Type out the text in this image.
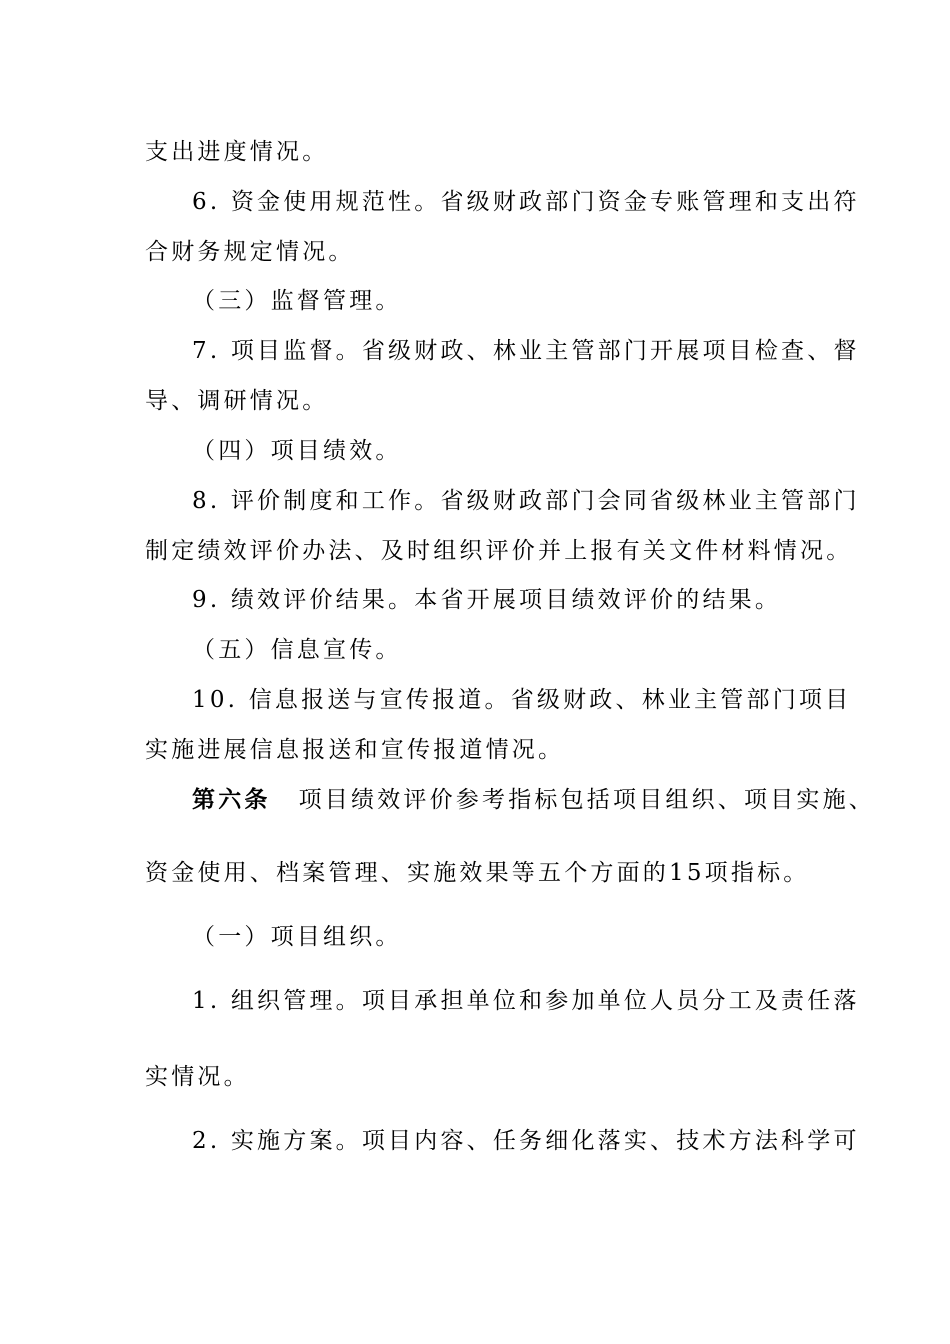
支出进度情况。
6. 资金使用规范性。省级财政部门资金专账管理和支出符
合财务规定情况。
（三）监督管理。
7. 项目监督。省级财政、林业主管部门开展项目检查、督
导、调研情况。
（四）项目绩效。
8. 评价制度和工作。省级财政部门会同省级林业主管部门
制定绩效评价办法、及时组织评价并上报有关文件材料情况。
9. 绩效评价结果。本省开展项目绩效评价的结果。
（五）信息宣传。
10. 信息报送与宣传报道。省级财政、林业主管部门项目
实施进展信息报送和宣传报道情况。
第六条 项目绩效评价参考指标包括项目组织、项目实施、
资金使用、档案管理、实施效果等五个方面的15项指标。
（一）项目组织。
1. 组织管理。项目承担单位和参加单位人员分工及责任落
实情况。
2. 实施方案。项目内容、任务细化落实、技术方法科学可
